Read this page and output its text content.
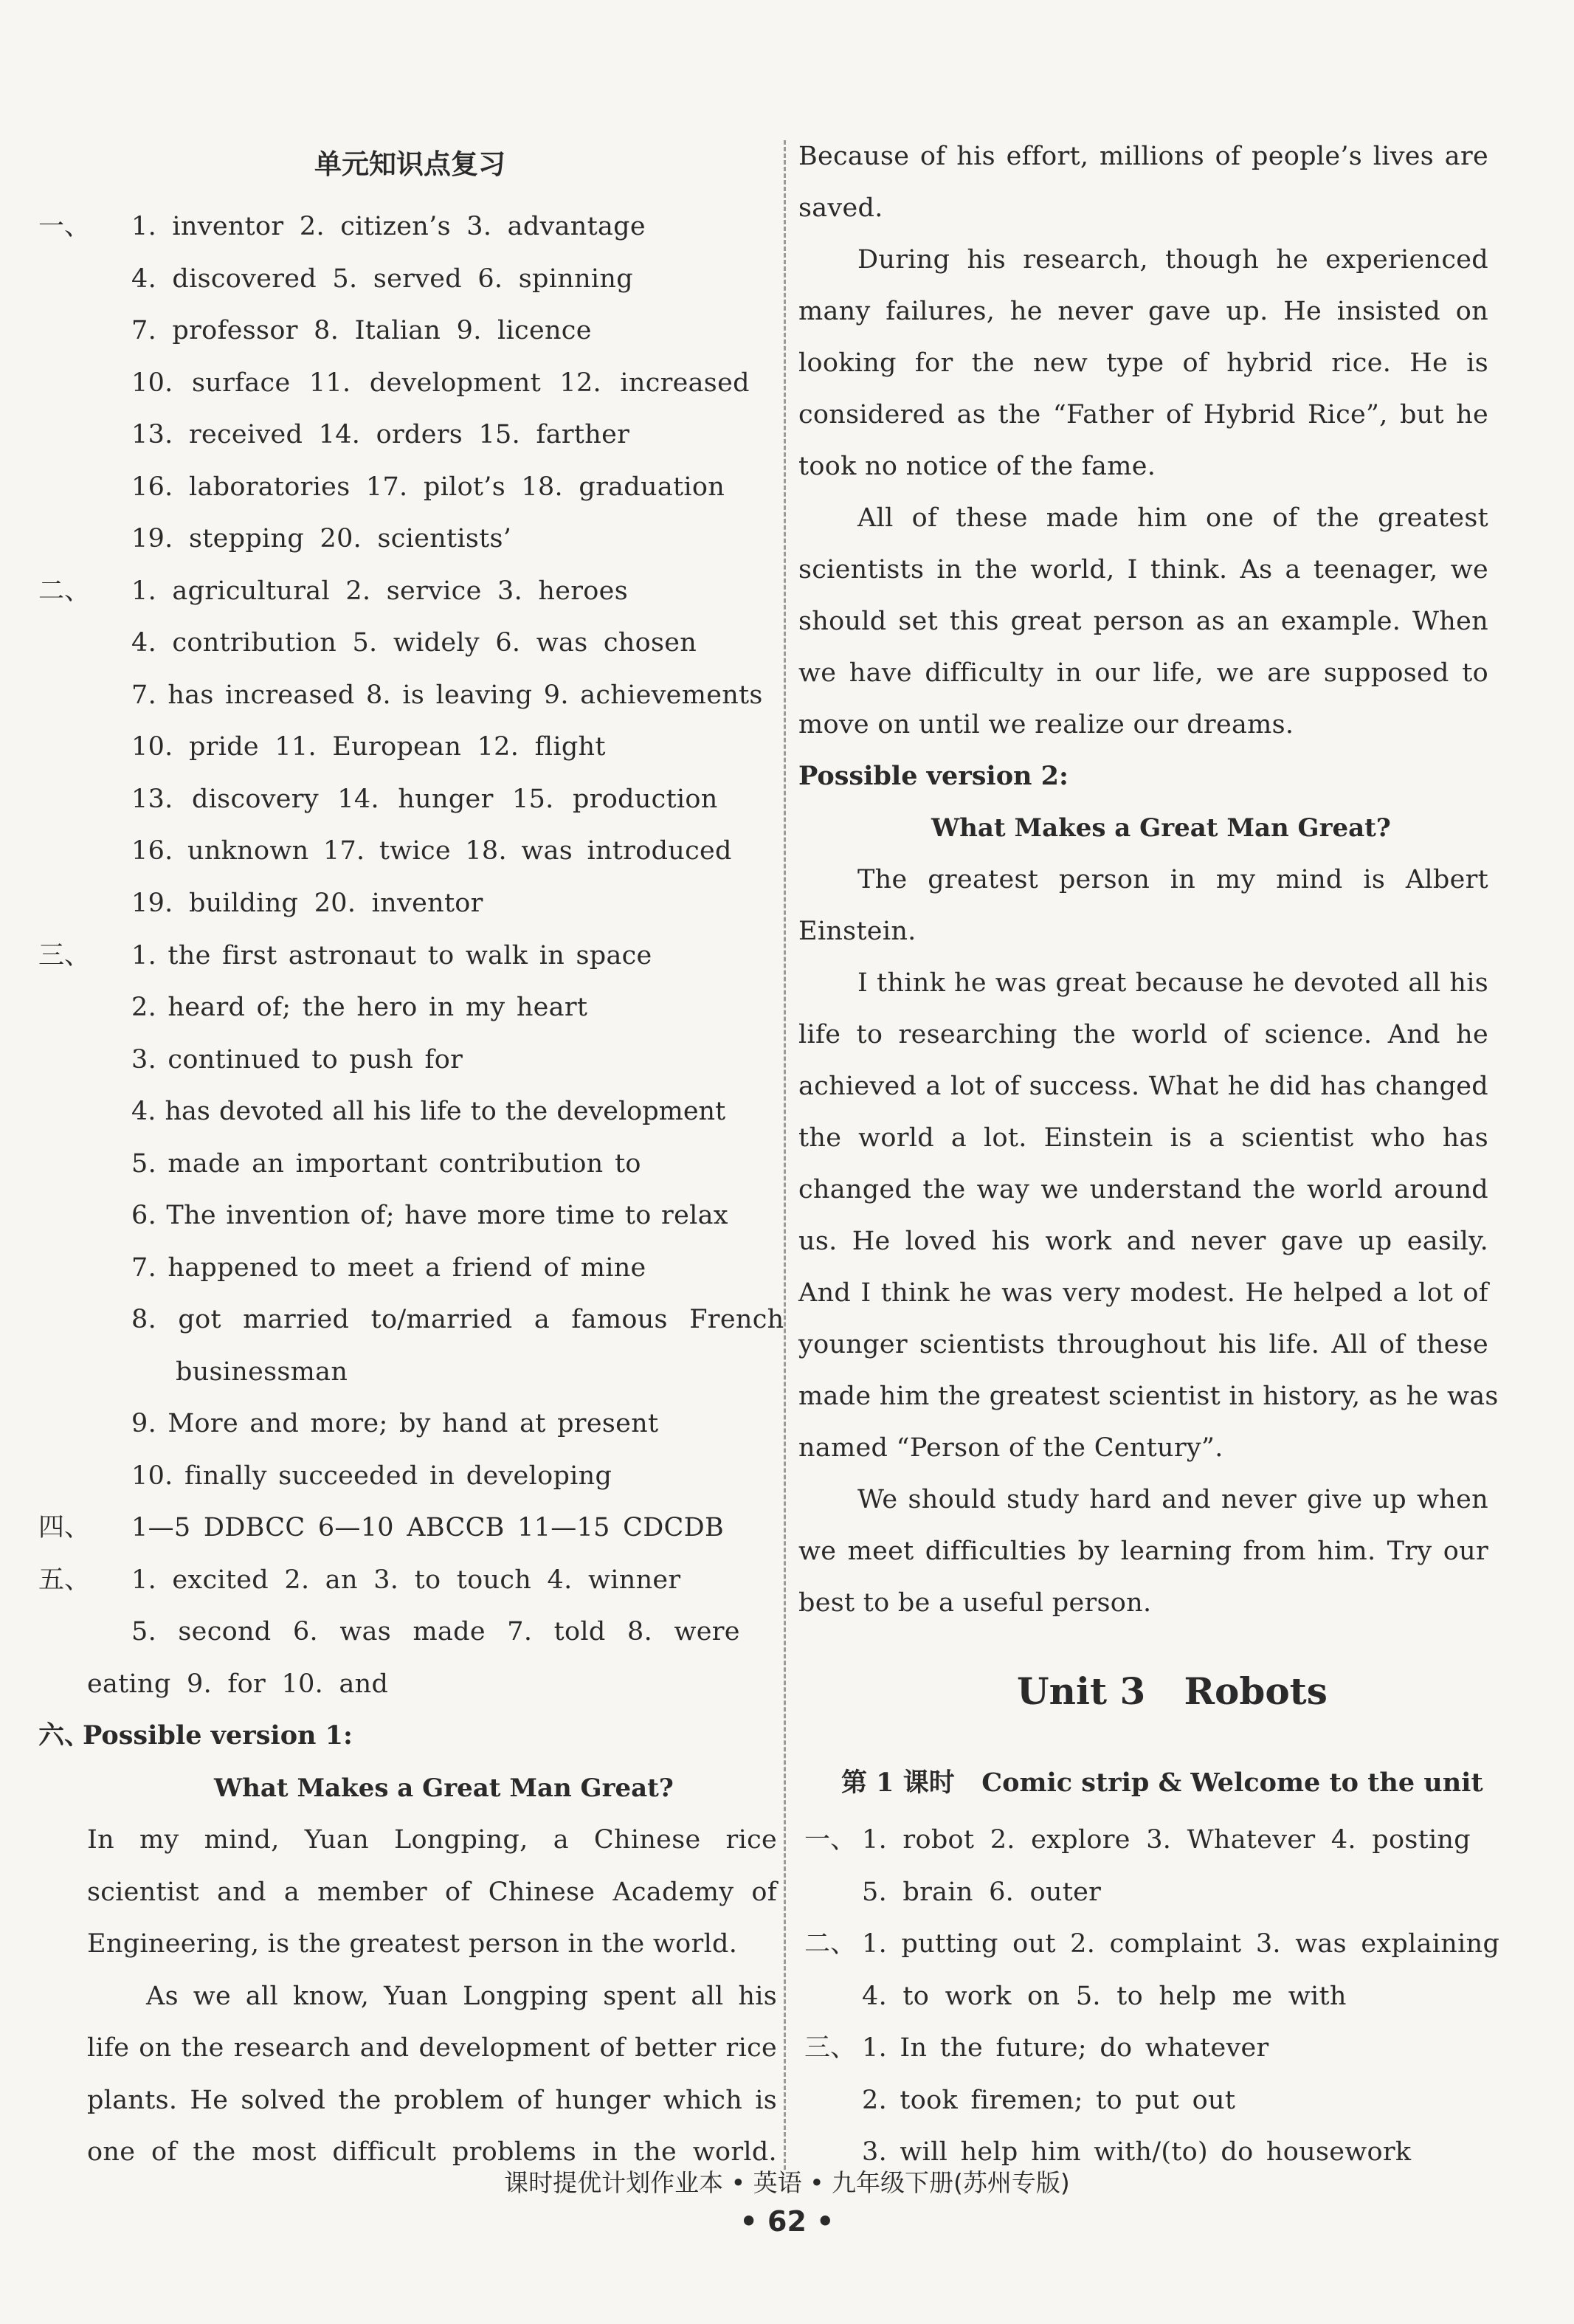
单元知识点复习
一、 1. inventor 2. citizen’s 3. advantage
4. discovered 5. served 6. spinning
7. professor 8. Italian 9. licence
10. surface 11. development 12. increased
13. received 14. orders 15. farther
16. laboratories 17. pilot’s 18. graduation
19. stepping 20. scientists’
二、 1. agricultural 2. service 3. heroes
4. contribution 5. widely 6. was chosen
7. has increased 8. is leaving 9. achievements
10. pride 11. European 12. flight
13. discovery 14. hunger 15. production
16. unknown 17. twice 18. was introduced
19. building 20. inventor
三、 1. the first astronaut to walk in space
2. heard of; the hero in my heart
3. continued to push for
4. has devoted all his life to the development
5. made an important contribution to
6. The invention of; have more time to relax
7. happened to meet a friend of mine
8. got married to/married a famous French
businessman
9. More and more; by hand at present
10. finally succeeded in developing
四、 1—5 DDBCC 6—10 ABCCB 11—15 CDCDB
五、 1. excited 2. an 3. to touch 4. winner
5. second 6. was made 7. told 8. were
eating 9. for 10. and
六、
Possible version 1:
What Makes a Great Man Great?
In my mind, Yuan Longping, a Chinese rice
scientist and a member of Chinese Academy of
Engineering, is the greatest person in the world.
As we all know, Yuan Longping spent all his
life on the research and development of better rice
plants. He solved the problem of hunger which is
one of the most difficult problems in the world.
Because of his effort, millions of people’s lives are
saved.
During his research, though he experienced
many failures, he never gave up. He insisted on
looking for the new type of hybrid rice. He is
considered as the “Father of Hybrid Rice”, but he
took no notice of the fame.
All of these made him one of the greatest
scientists in the world, I think. As a teenager, we
should set this great person as an example. When
we have difficulty in our life, we are supposed to
move on until we realize our dreams.
Possible version 2:
What Makes a Great Man Great?
The greatest person in my mind is Albert
Einstein.
I think he was great because he devoted all his
life to researching the world of science. And he
achieved a lot of success. What he did has changed
the world a lot. Einstein is a scientist who has
changed the way we understand the world around
us. He loved his work and never gave up easily.
And I think he was very modest. He helped a lot of
younger scientists throughout his life. All of these
made him the greatest scientist in history, as he was
named “Person of the Century”.
We should study hard and never give up when
we meet difficulties by learning from him. Try our
best to be a useful person.
Unit 3   Robots
第 1 课时   Comic strip & Welcome to the unit
一、 1. robot 2. explore 3. Whatever 4. posting
5. brain 6. outer
二、 1. putting out 2. complaint 3. was explaining
4. to work on 5. to help me with
三、 1. In the future; do whatever
2. took firemen; to put out
3. will help him with/(to) do housework
课时提优计划作业本 • 英语 • 九年级下册(苏州专版)
• 62 •
